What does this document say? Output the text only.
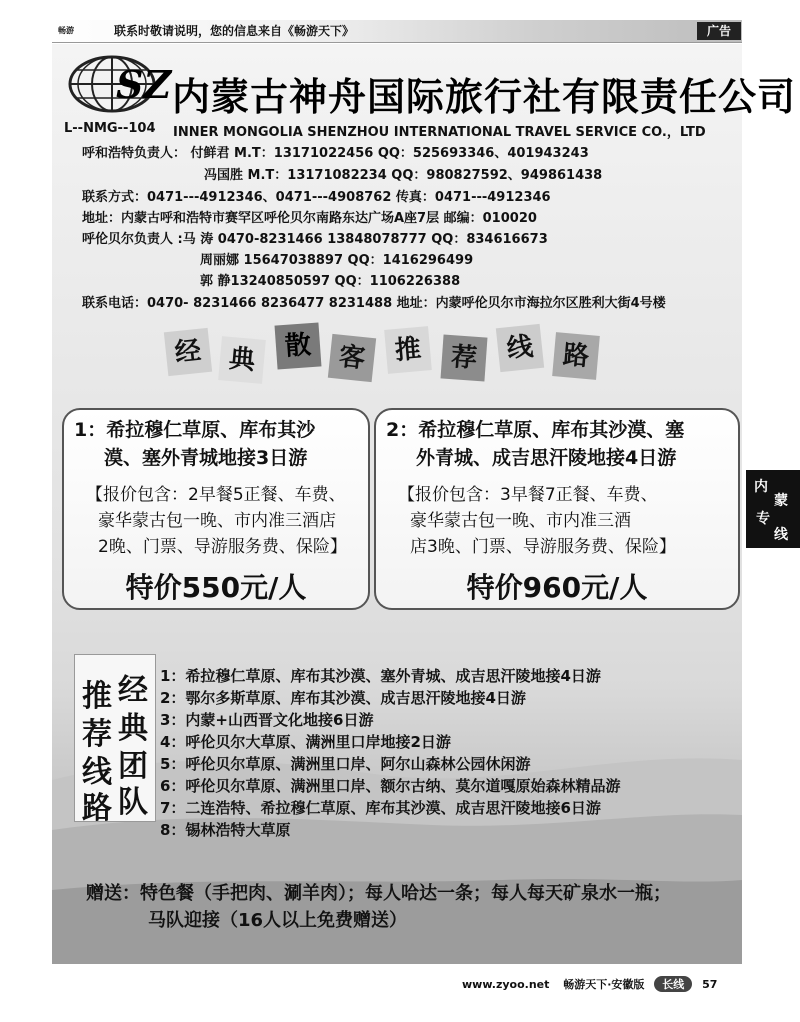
畅游	联系时敬请说明，您的信息来自《畅游天下》	广告
SZ 内蒙古神舟国际旅行社有限责任公司
L--NMG--104 INNER MONGOLIA SHENZHOU INTERNATIONAL TRAVEL SERVICE CO.，LTD
呼和浩特负责人： 付鲜君 M.T：13171022456 QQ：525693346、401943243
冯国胜 M.T：13171082234 QQ：980827592、949861438
联系方式：0471---4912346、0471---4908762 传真：0471---4912346
地址：内蒙古呼和浩特市赛罕区呼伦贝尔南路东达广场A座7层 邮编：010020
呼伦贝尔负责人 :马 涛 0470-8231466 13848078777 QQ：834616673
周丽娜 15647038897 QQ：1416296499
郭 静13240850597 QQ：1106226388
联系电话：0470- 8231466 8236477 8231488 地址：内蒙呼伦贝尔市海拉尔区胜利大街4号楼
经 典	散 客	推	荐	线	路
1：希拉穆仁草原、库布其沙
漠、塞外青城地接3日游
【报价包含：2早餐5正餐、车费、
豪华蒙古包一晚、市内准三酒店
2晚、门票、导游服务费、保险】
特价550元/人
2：希拉穆仁草原、库布其沙漠、塞
外青城、成吉思汗陵地接4日游
【报价包含：3早餐7正餐、车费、
豪华蒙古包一晚、市内准三酒
店3晚、门票、导游服务费、保险】
特价960元/人
内
蒙
专
线
推
荐
线
路
经
典
团
队
1：希拉穆仁草原、库布其沙漠、塞外青城、成吉思汗陵地接4日游
2：鄂尔多斯草原、库布其沙漠、成吉思汗陵地接4日游
3：内蒙+山西晋文化地接6日游
4：呼伦贝尔大草原、满洲里口岸地接2日游
5：呼伦贝尔草原、满洲里口岸、阿尔山森林公园休闲游
6：呼伦贝尔草原、满洲里口岸、额尔古纳、莫尔道嘎原始森林精品游
7：二连浩特、希拉穆仁草原、库布其沙漠、成吉思汗陵地接6日游
8：锡林浩特大草原
赠送：特色餐（手把肉、涮羊肉）；每人哈达一条；每人每天矿泉水一瓶；
马队迎接（16人以上免费赠送）
www.zyoo.net 畅游天下·安徽版 长线 57
